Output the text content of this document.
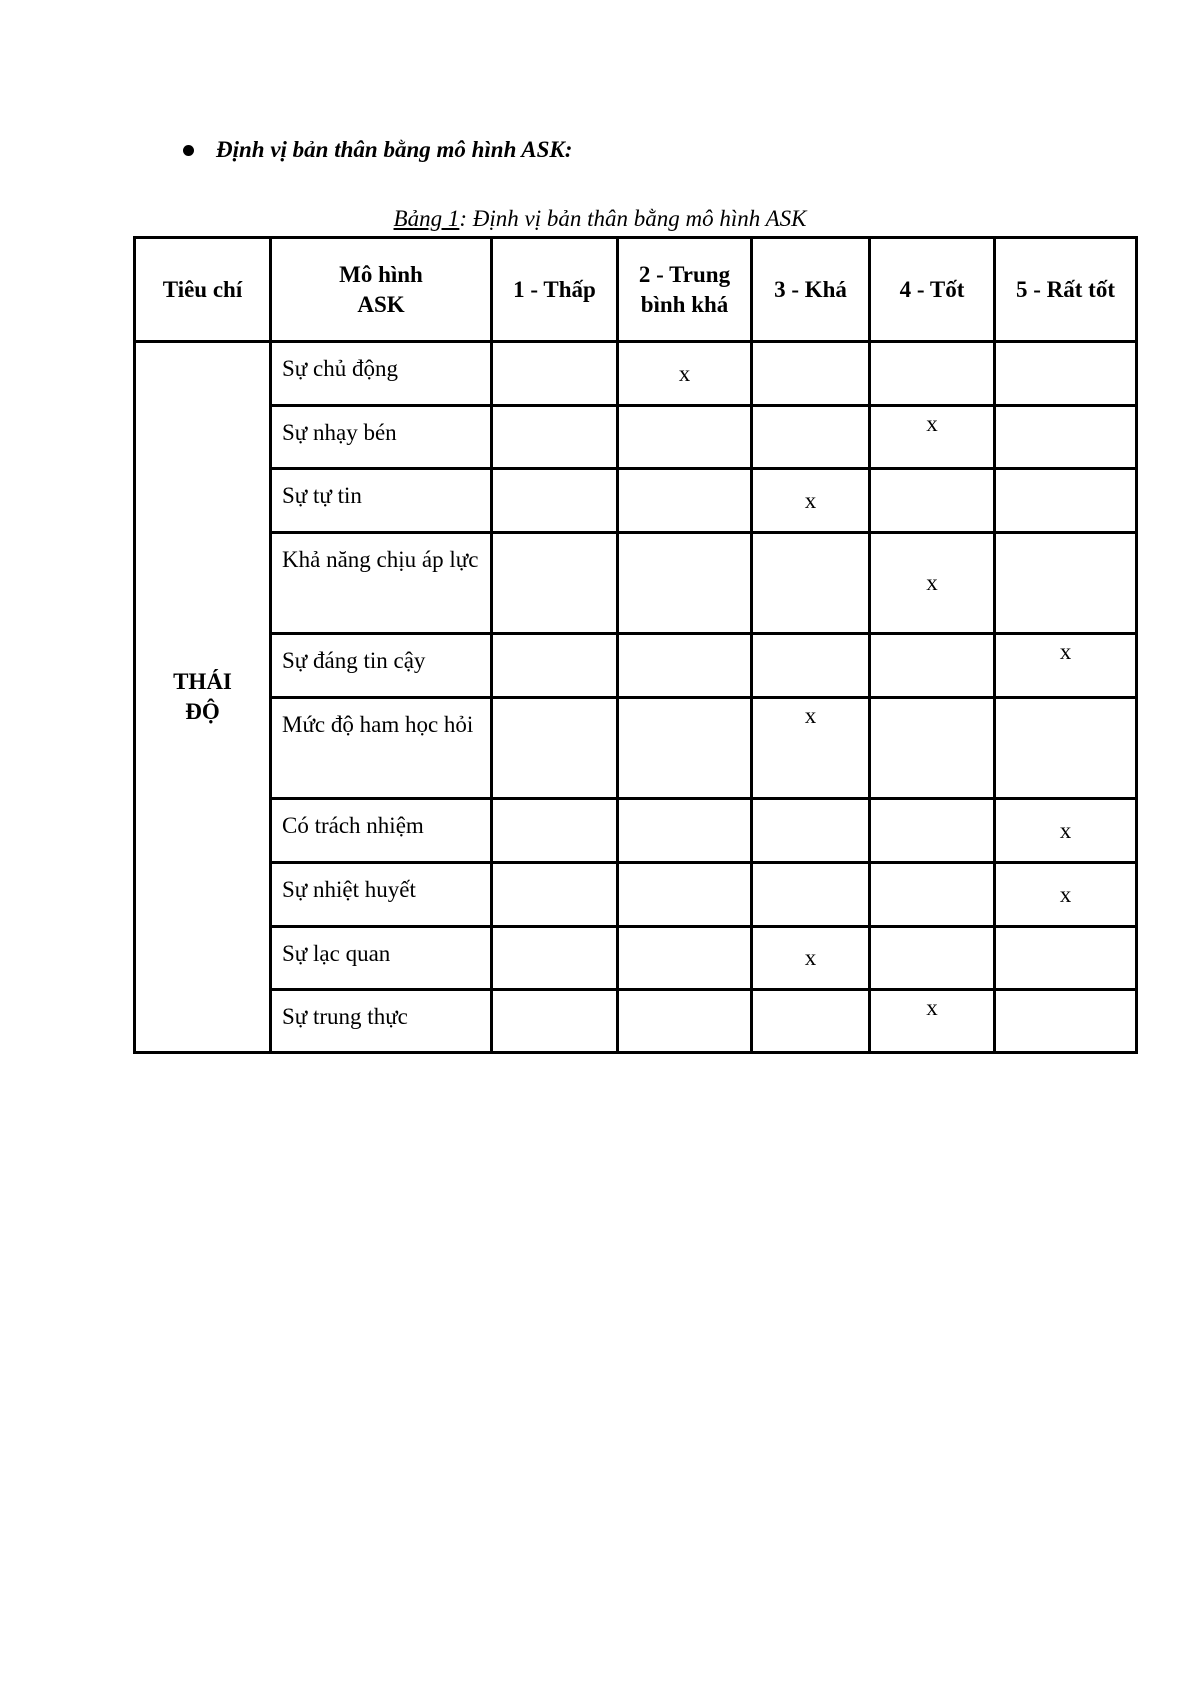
Định vị bản thân bằng mô hình ASK:
Bảng 1: Định vị bản thân bằng mô hình ASK
Tiêu chí	Mô hình ASK	1 - Thấp	2 - Trung bình khá	3 - Khá	4 - Tốt	5 - Rất tốt
THÁI ĐỘ	Sự chủ động		x			
	Sự nhạy bén				x	
	Sự tự tin			x		
	Khả năng chịu áp lực				x	
	Sự đáng tin cậy					x
	Mức độ ham học hỏi			x		
	Có trách nhiệm					x
	Sự nhiệt huyết					x
	Sự lạc quan			x		
	Sự trung thực				x	
